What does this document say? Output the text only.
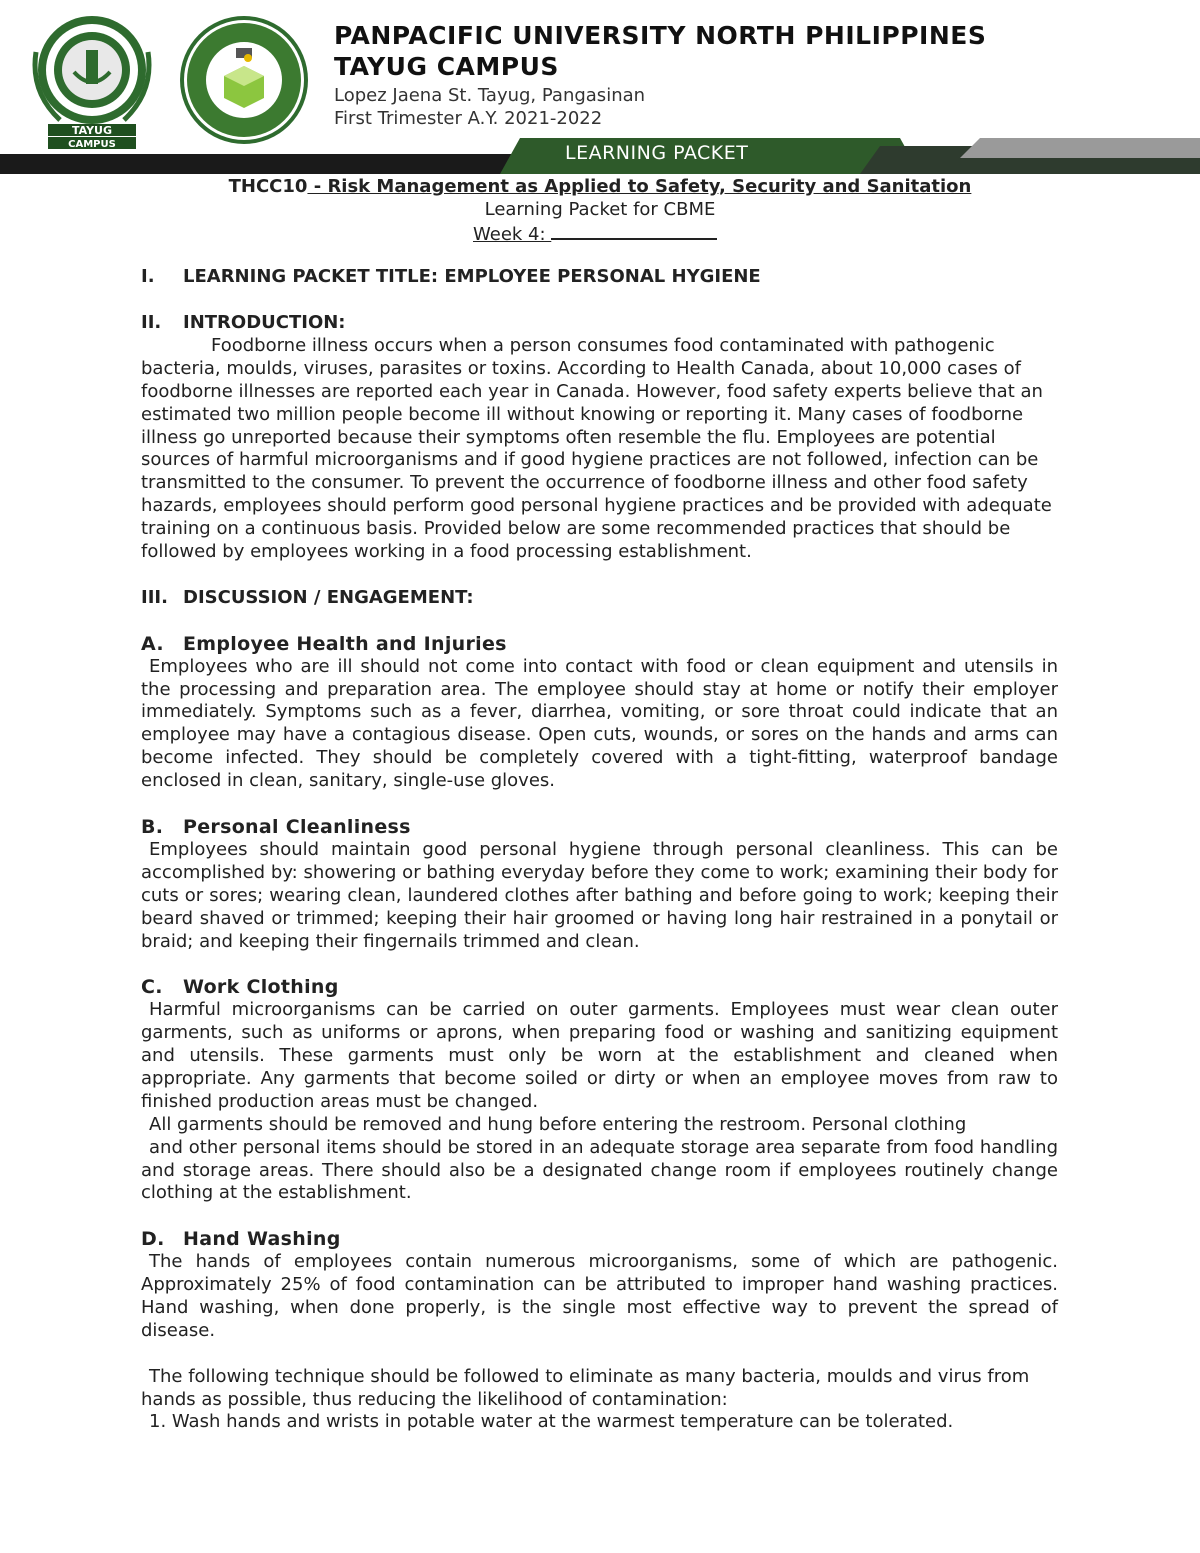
TAYUG
CAMPUS
PANPACIFIC UNIVERSITY NORTH PHILIPPINES
TAYUG CAMPUS
Lopez Jaena St. Tayug, Pangasinan
First Trimester A.Y. 2021-2022
LEARNING PACKET
THCC10 - Risk Management as Applied to Safety, Security and Sanitation
Learning Packet for CBME
Week 4:
I. LEARNING PACKET TITLE: EMPLOYEE PERSONAL HYGIENE
II. INTRODUCTION:

Foodborne illness occurs when a person consumes food contaminated with pathogenic bacteria, moulds, viruses, parasites or toxins. According to Health Canada, about 10,000 cases of foodborne illnesses are reported each year in Canada. However, food safety experts believe that an estimated two million people become ill without knowing or reporting it. Many cases of foodborne illness go unreported because their symptoms often resemble the flu. Employees are potential sources of harmful microorganisms and if good hygiene practices are not followed, infection can be transmitted to the consumer. To prevent the occurrence of foodborne illness and other food safety hazards, employees should perform good personal hygiene practices and be provided with adequate training on a continuous basis. Provided below are some recommended practices that should be followed by employees working in a food processing establishment.

III. DISCUSSION / ENGAGEMENT:
A. Employee Health and Injuries

Employees who are ill should not come into contact with food or clean equipment and utensils in the processing and preparation area. The employee should stay at home or notify their employer immediately. Symptoms such as a fever, diarrhea, vomiting, or sore throat could indicate that an employee may have a contagious disease. Open cuts, wounds, or sores on the hands and arms can become infected. They should be completely covered with a tight-fitting, waterproof bandage enclosed in clean, sanitary, single-use gloves.

B. Personal Cleanliness

Employees should maintain good personal hygiene through personal cleanliness. This can be accomplished by: showering or bathing everyday before they come to work; examining their body for cuts or sores; wearing clean, laundered clothes after bathing and before going to work; keeping their beard shaved or trimmed; keeping their hair groomed or having long hair restrained in a ponytail or braid; and keeping their fingernails trimmed and clean.

C. Work Clothing

Harmful microorganisms can be carried on outer garments. Employees must wear clean outer garments, such as uniforms or aprons, when preparing food or washing and sanitizing equipment and utensils. These garments must only be worn at the establishment and cleaned when appropriate. Any garments that become soiled or dirty or when an employee moves from raw to finished production areas must be changed.

All garments should be removed and hung before entering the restroom. Personal clothing

and other personal items should be stored in an adequate storage area separate from food handling and storage areas. There should also be a designated change room if employees routinely change clothing at the establishment.

D. Hand Washing

The hands of employees contain numerous microorganisms, some of which are pathogenic. Approximately 25% of food contamination can be attributed to improper hand washing practices. Hand washing, when done properly, is the single most effective way to prevent the spread of disease.

The following technique should be followed to eliminate as many bacteria, moulds and virus from hands as possible, thus reducing the likelihood of contamination:

1. Wash hands and wrists in potable water at the warmest temperature can be tolerated.
